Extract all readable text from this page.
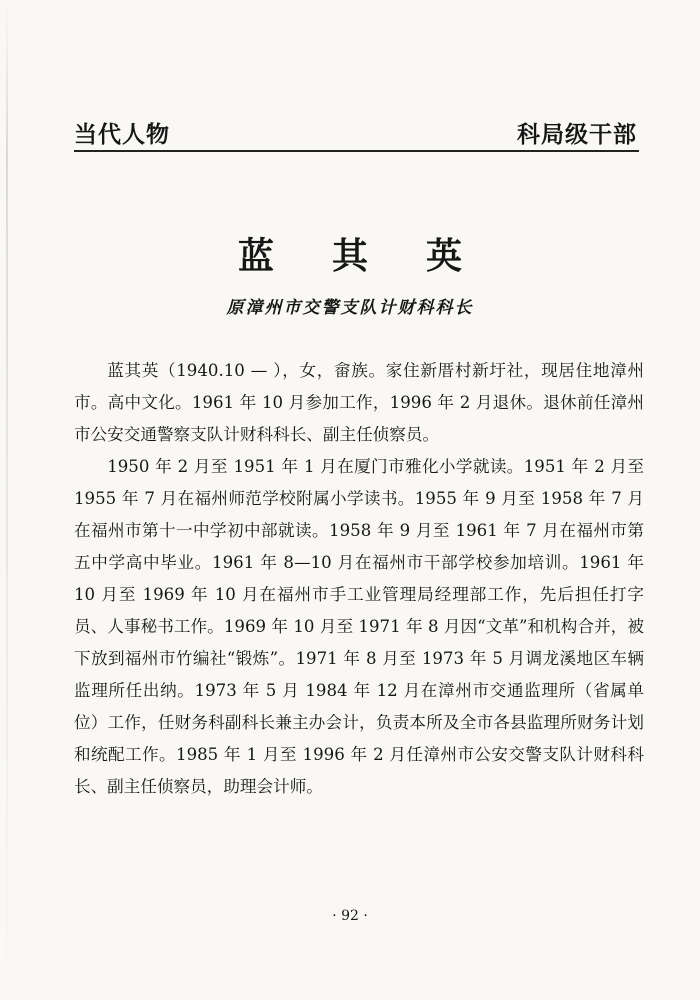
当代人物	科局级干部
蓝其英
原漳州市交警支队计财科科长

蓝其英（1940.10 — ），女，畲族。家住新厝村新圩社，现居住地漳州市。高中文化。1961 年 10 月参加工作，1996 年 2 月退休。退休前任漳州市公安交通警察支队计财科科长、副主任侦察员。

1950 年 2 月至 1951 年 1 月在厦门市雅化小学就读。1951 年 2 月至 1955 年 7 月在福州师范学校附属小学读书。1955 年 9 月至 1958 年 7 月在福州市第十一中学初中部就读。1958 年 9 月至 1961 年 7 月在福州市第五中学高中毕业。1961 年 8—10 月在福州市干部学校参加培训。1961 年 10 月至 1969 年 10 月在福州市手工业管理局经理部工作，先后担任打字员、人事秘书工作。1969 年 10 月至 1971 年 8 月因“文革”和机构合并，被下放到福州市竹编社“锻炼”。1971 年 8 月至 1973 年 5 月调龙溪地区车辆监理所任出纳。1973 年 5 月 1984 年 12 月在漳州市交通监理所（省属单位）工作，任财务科副科长兼主办会计，负责本所及全市各县监理所财务计划和统配工作。1985 年 1 月至 1996 年 2 月任漳州市公安交警支队计财科科长、副主任侦察员，助理会计师。

· 92 ·
